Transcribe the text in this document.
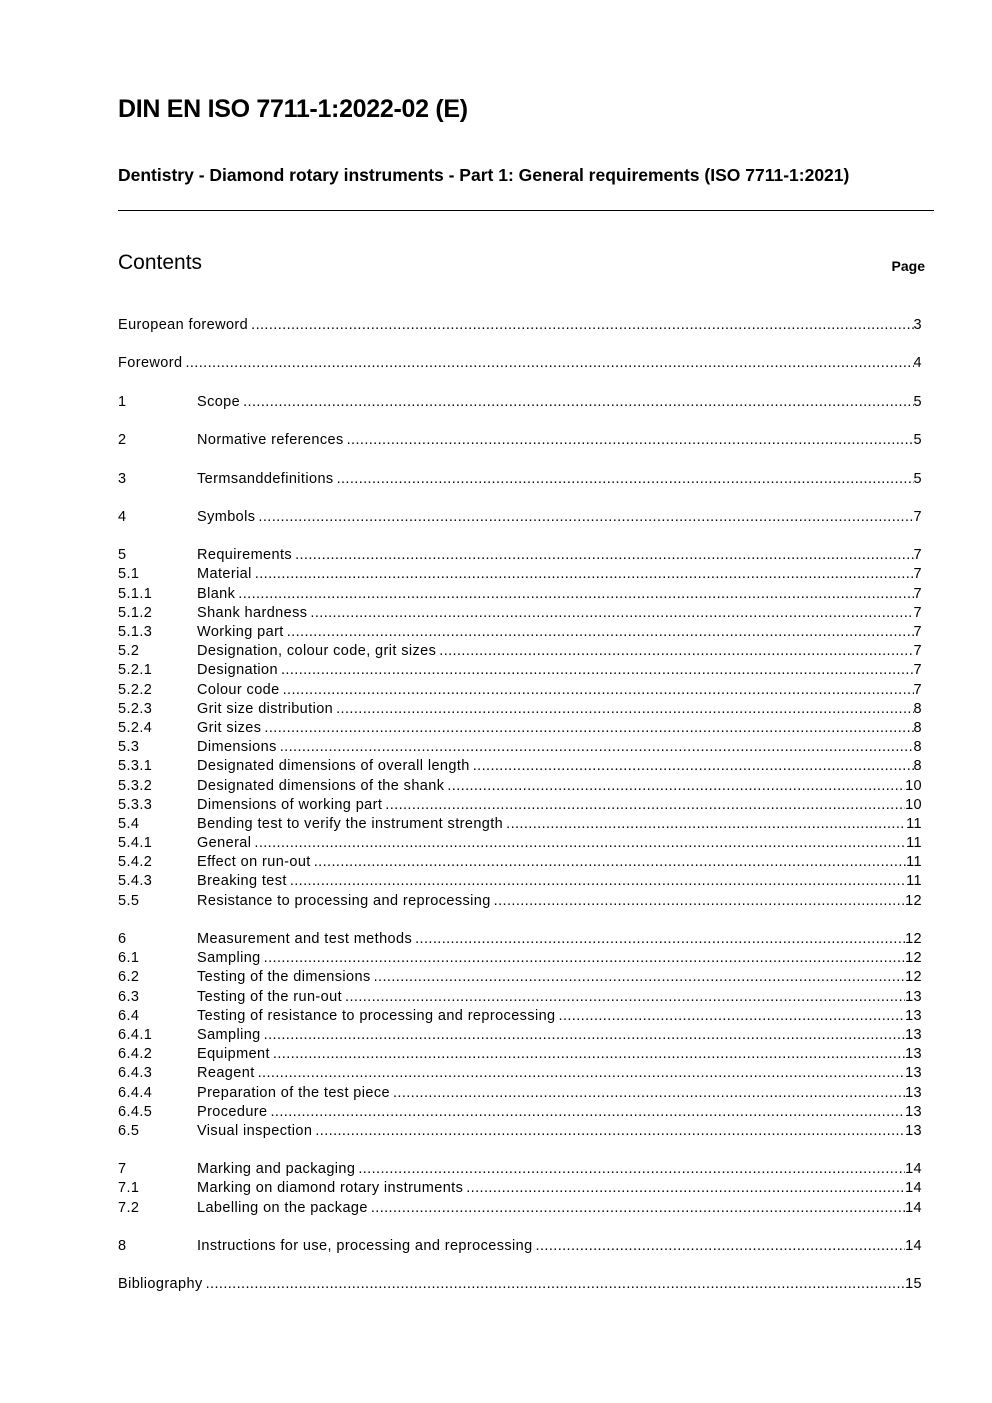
DIN EN ISO 7711-1:2022-02 (E)
Dentistry - Diamond rotary instruments - Part 1: General requirements (ISO 7711-1:2021)
Contents	Page
European foreword .....	3
Foreword .....	4
1	Scope .....	5
2	Normative references .....	5
3	Termsanddefinitions .....	5
4	Symbols .....	7
5	Requirements .....	7
5.1	Material .....	7
5.1.1	Blank .....	7
5.1.2	Shank hardness .....	7
5.1.3	Working part .....	7
5.2	Designation, colour code, grit sizes .....	7
5.2.1	Designation .....	7
5.2.2	Colour code .....	7
5.2.3	Grit size distribution .....	8
5.2.4	Grit sizes .....	8
5.3	Dimensions .....	8
5.3.1	Designated dimensions of overall length .....	8
5.3.2	Designated dimensions of the shank .....	10
5.3.3	Dimensions of working part .....	10
5.4	Bending test to verify the instrument strength .....	11
5.4.1	General .....	11
5.4.2	Effect on run-out .....	11
5.4.3	Breaking test .....	11
5.5	Resistance to processing and reprocessing .....	12
6	Measurement and test methods .....	12
6.1	Sampling .....	12
6.2	Testing of the dimensions .....	12
6.3	Testing of the run-out .....	13
6.4	Testing of resistance to processing and reprocessing .....	13
6.4.1	Sampling .....	13
6.4.2	Equipment .....	13
6.4.3	Reagent .....	13
6.4.4	Preparation of the test piece .....	13
6.4.5	Procedure .....	13
6.5	Visual inspection .....	13
7	Marking and packaging .....	14
7.1	Marking on diamond rotary instruments .....	14
7.2	Labelling on the package .....	14
8	Instructions for use, processing and reprocessing .....	14
Bibliography .....	15
